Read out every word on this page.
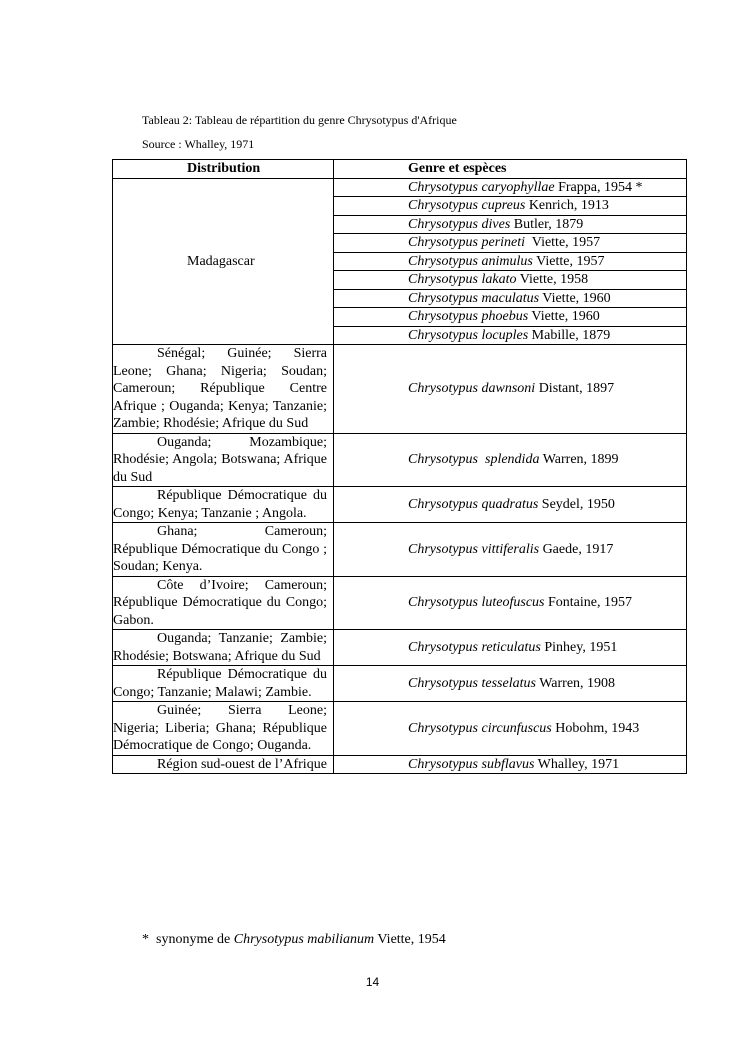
Tableau 2: Tableau de répartition du genre Chrysotypus d'Afrique
Source : Whalley, 1971
Distribution	Genre et espèces
Madagascar	Chrysotypus caryophyllae Frappa, 1954 *
	Chrysotypus cupreus Kenrich, 1913
	Chrysotypus dives Butler, 1879
	Chrysotypus perineti  Viette, 1957
	Chrysotypus animulus Viette, 1957
	Chrysotypus lakato Viette, 1958
	Chrysotypus maculatus Viette, 1960
	Chrysotypus phoebus Viette, 1960
	Chrysotypus locuples Mabille, 1879

Sénégal; Guinée; Sierra Leone; Ghana; Nigeria; Soudan; Cameroun; République Centre Afrique ; Ouganda; Kenya; Tanzanie; Zambie; Rhodésie; Afrique du Sud	Chrysotypus dawnsoni Distant, 1897

Ouganda; Mozambique; Rhodésie; Angola; Botswana; Afrique du Sud	Chrysotypus  splendida Warren, 1899

République Démocratique du Congo; Kenya; Tanzanie ; Angola.	Chrysotypus quadratus Seydel, 1950

Ghana; Cameroun; République Démocratique du Congo ; Soudan; Kenya.	Chrysotypus vittiferalis Gaede, 1917

Côte d’Ivoire; Cameroun; République Démocratique du Congo; Gabon.	Chrysotypus luteofuscus Fontaine, 1957

Ouganda; Tanzanie; Zambie; Rhodésie; Botswana; Afrique du Sud	Chrysotypus reticulatus Pinhey, 1951

République Démocratique du Congo; Tanzanie; Malawi; Zambie.	Chrysotypus tesselatus Warren, 1908

Guinée; Sierra Leone; Nigeria; Liberia; Ghana; République Démocratique de Congo; Ouganda.	Chrysotypus circunfuscus Hobohm, 1943

Région sud-ouest de l’Afrique	Chrysotypus subflavus Whalley, 1971
*  synonyme de Chrysotypus mabilianum Viette, 1954
14
